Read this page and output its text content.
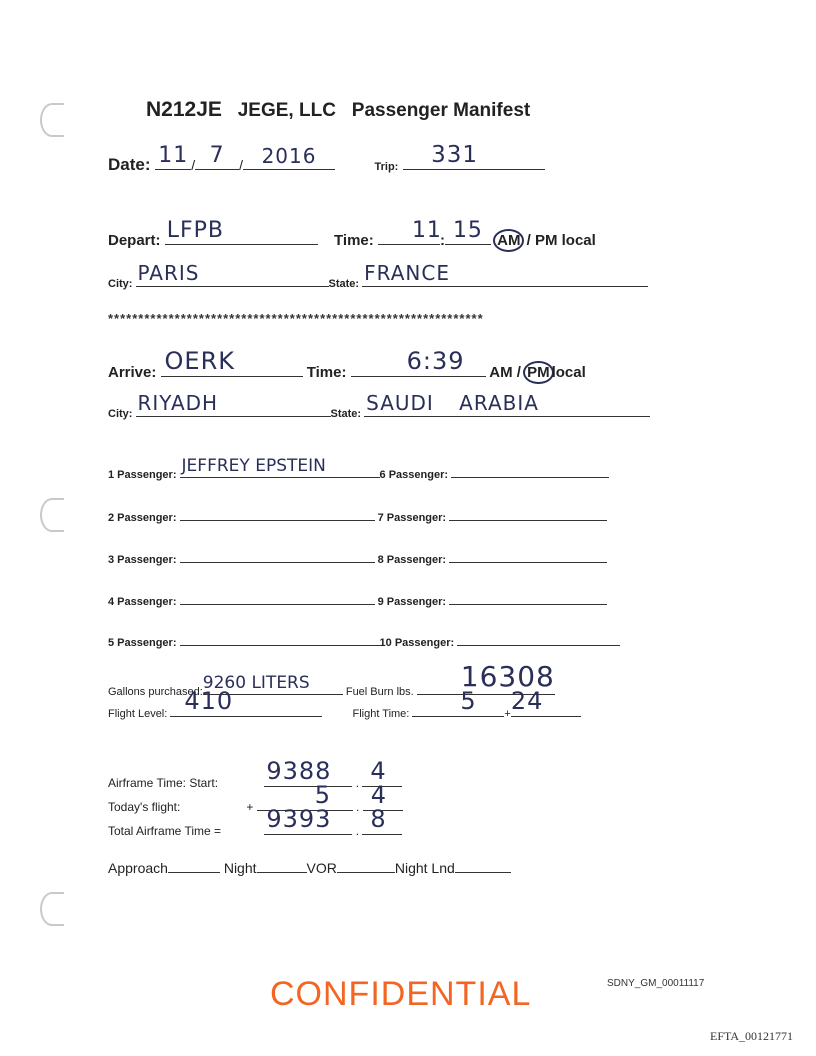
N212JE JEGE, LLC Passenger Manifest
Date: 11 / 7	/ 2016	Trip: 331
Depart: LFPB	Time: 11
: 15 AM / PM local
City: PARIS	State: FRANCE
**************************************************************
Arrive: OERK	Time:	6:39 AM / PM local
City: RIYADH	State: SAUDI ARABIA
1 Passenger: JEFFREY EPSTEIN	6 Passenger:
2 Passenger:	7 Passenger:
3 Passenger:	8 Passenger:
4 Passenger:	9 Passenger:
5 Passenger:	10 Passenger:
Gallons purchased: 9260 LITERS	Fuel Burn lbs. 16308
Flight Level: 410	Flight Time: 5	+ 24
Airframe Time: Start: 9388 . 4
Today's flight:	+	5 . 4
Total Airframe Time = 9393 . 8
Approach	Night	VOR	Night Lnd
CONFIDENTIAL	SDNY_GM_00011117
EFTA_00121771
